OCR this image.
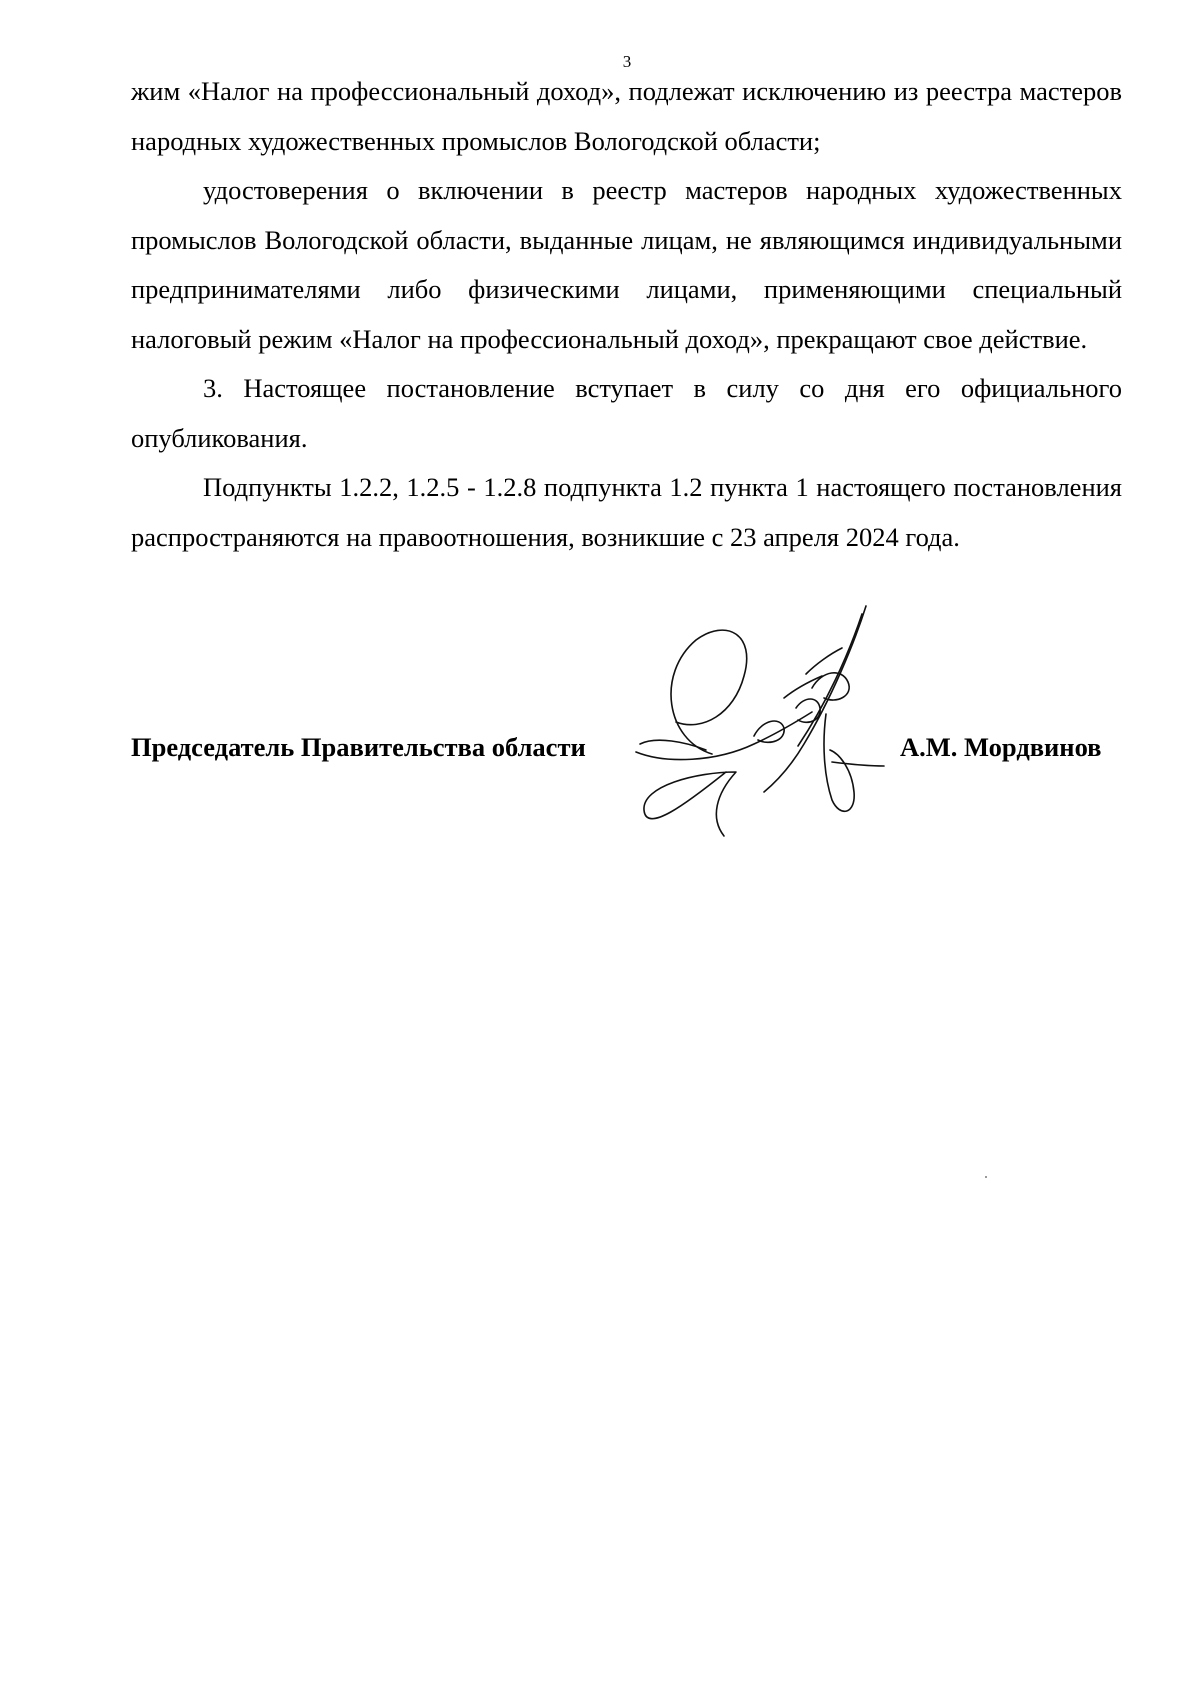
3

жим «Налог на профессиональный доход», подлежат исключению из реестра мастеров народных художественных промыслов Вологодской области;

удостоверения о включении в реестр мастеров народных художественных промыслов Вологодской области, выданные лицам, не являющимся индивидуальными предпринимателями либо физическими лицами, применяющими специальный налоговый режим «Налог на профессиональный доход», прекращают свое действие.

3. Настоящее постановление вступает в силу со дня его официального опубликования.

Подпункты 1.2.2, 1.2.5 - 1.2.8 подпункта 1.2 пункта 1 настоящего постановления распространяются на правоотношения, возникшие с 23 апреля 2024 года.

Председатель Правительства области	А.М. Мордвинов
